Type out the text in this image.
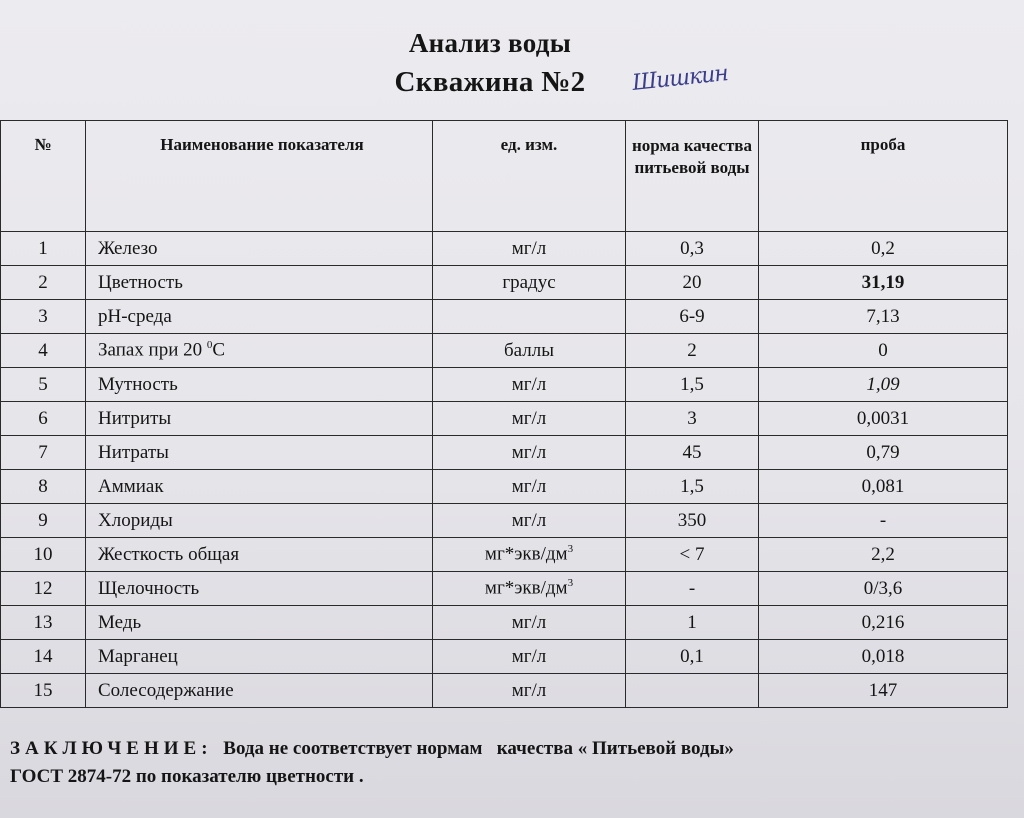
Анализ воды
Скважина №2	Шишкин
№	Наименование показателя	ед. изм.	норма качества питьевой воды	проба
1	Железо	мг/л	0,3	0,2
2	Цветность	градус	20	31,19
3	pH-среда		6-9	7,13
4	Запах при 20 $^0$C	баллы	2	0
5	Мутность	мг/л	1,5	1,09
6	Нитриты	мг/л	3	0,0031
7	Нитраты	мг/л	45	0,79
8	Аммиак	мг/л	1,5	0,081
9	Хлориды	мг/л	350	-
10	Жесткость общая	$мг*экв/дм^3$	< 7	2,2
12	Щелочность	$мг*экв/дм^3$	-	0/3,6
13	Медь	мг/л	1	0,216
14	Марганец	мг/л	0,1	0,018
15	Солесодержание	мг/л		147
ЗАКЛЮЧЕНИЕ: Вода не соответствует нормам   качества « Питьевой воды»
ГОСТ 2874-72 по показателю цветности .
